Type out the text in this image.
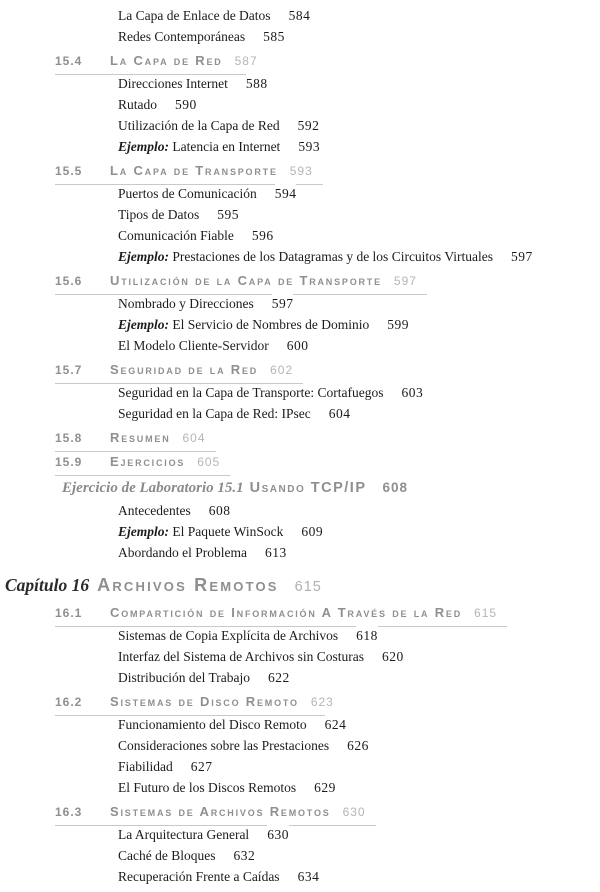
La Capa de Enlace de Datos 584
Redes Contemporáneas 585
15.4 La Capa de Red 587
Direcciones Internet 588
Rutado 590
Utilización de la Capa de Red 592
Ejemplo: Latencia en Internet 593
15.5 La Capa de Transporte 593
Puertos de Comunicación 594
Tipos de Datos 595
Comunicación Fiable 596
Ejemplo: Prestaciones de los Datagramas y de los Circuitos Virtuales 597
15.6 Utilización de la Capa de Transporte 597
Nombrado y Direcciones 597
Ejemplo: El Servicio de Nombres de Dominio 599
El Modelo Cliente-Servidor 600
15.7 Seguridad de la Red 602
Seguridad en la Capa de Transporte: Cortafuegos 603
Seguridad en la Capa de Red: IPsec 604
15.8 Resumen 604
15.9 Ejercicios 605
Ejercicio de Laboratorio 15.1 Usando TCP/IP 608
Antecedentes 608
Ejemplo: El Paquete WinSock 609
Abordando el Problema 613
Capítulo 16 Archivos Remotos 615
16.1 Compartición de Información A Través de la Red 615
Sistemas de Copia Explícita de Archivos 618
Interfaz del Sistema de Archivos sin Costuras 620
Distribución del Trabajo 622
16.2 Sistemas de Disco Remoto 623
Funcionamiento del Disco Remoto 624
Consideraciones sobre las Prestaciones 626
Fiabilidad 627
El Futuro de los Discos Remotos 629
16.3 Sistemas de Archivos Remotos 630
La Arquitectura General 630
Caché de Bloques 632
Recuperación Frente a Caídas 634
